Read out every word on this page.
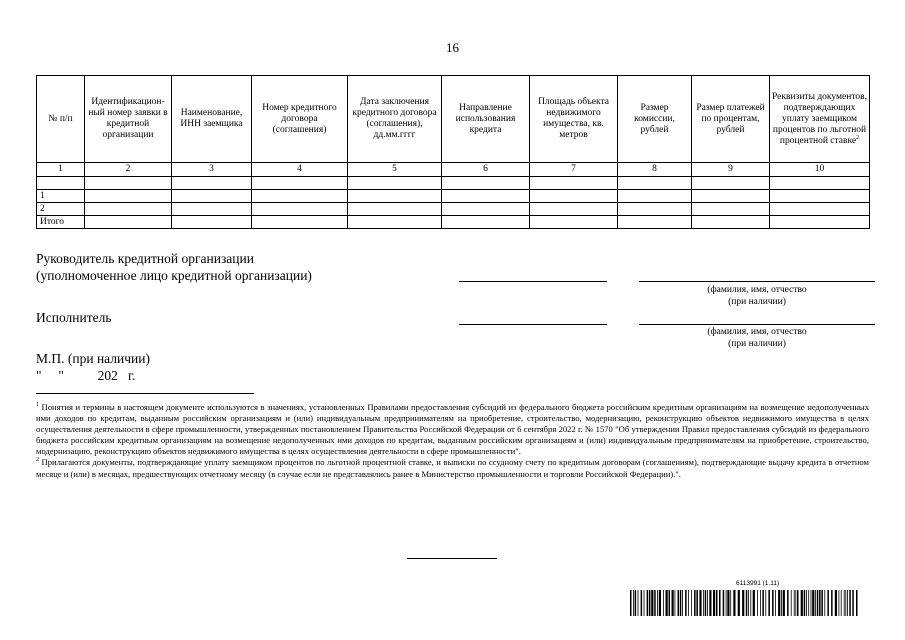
16
№ п/п	Идентификацион-ный номер заявки в кредитной организации	Наименование, ИНН заемщика	Номер кредитного договора (соглашения)	Дата заключения кредитного договора (соглашения), дд.мм.гггг	Направление использования кредита	Площадь объекта недвижимого имущества, кв. метров	Размер комиссии, рублей	Размер платежей по процентам, рублей	Реквизиты документов, подтверждающих уплату заемщиком процентов по льготной процентной ставке$^2$
1	2	3	4	5	6	7	8	9	10

1									
2									
Итого									
Руководитель кредитной организации
(уполномоченное лицо кредитной организации)
(фамилия, имя, отчество
(при наличии)
Исполнитель
(фамилия, имя, отчество
(при наличии)
М.П. (при наличии)
"     "          202   г.

$^1$ Понятия и термины в настоящем документе используются в значениях, установленных Правилами предоставления субсидий из федерального бюджета российским кредитным организациям на возмещение недополученных ими доходов по кредитам, выданным российским организациям и (или) индивидуальным предпринимателям на приобретение, строительство, модернизацию, реконструкцию объектов недвижимого имущества в целях осуществления деятельности в сфере промышленности, утвержденных постановлением Правительства Российской Федерации от 6 сентября 2022 г. № 1570 "Об утверждении Правил предоставления субсидий из федерального бюджета российским кредитным организациям на возмещение недополученных ими доходов по кредитам, выданным российским организациям и (или) индивидуальным предпринимателям на приобретение, строительство, модернизацию, реконструкцию объектов недвижимого имущества в целях осуществления деятельности в сфере промышленности".

$^2$ Прилагаются документы, подтверждающие уплату заемщиком процентов по льготной процентной ставке, и выписки по ссудному счету по кредитным договорам (соглашениям), подтверждающие выдачу кредита в отчетном месяце и (или) в месяцах, предшествующих отчетному месяцу (в случае если не представлялись ранее в Министерство промышленности и торговли Российской Федерации).".

6113991 (1.11)
